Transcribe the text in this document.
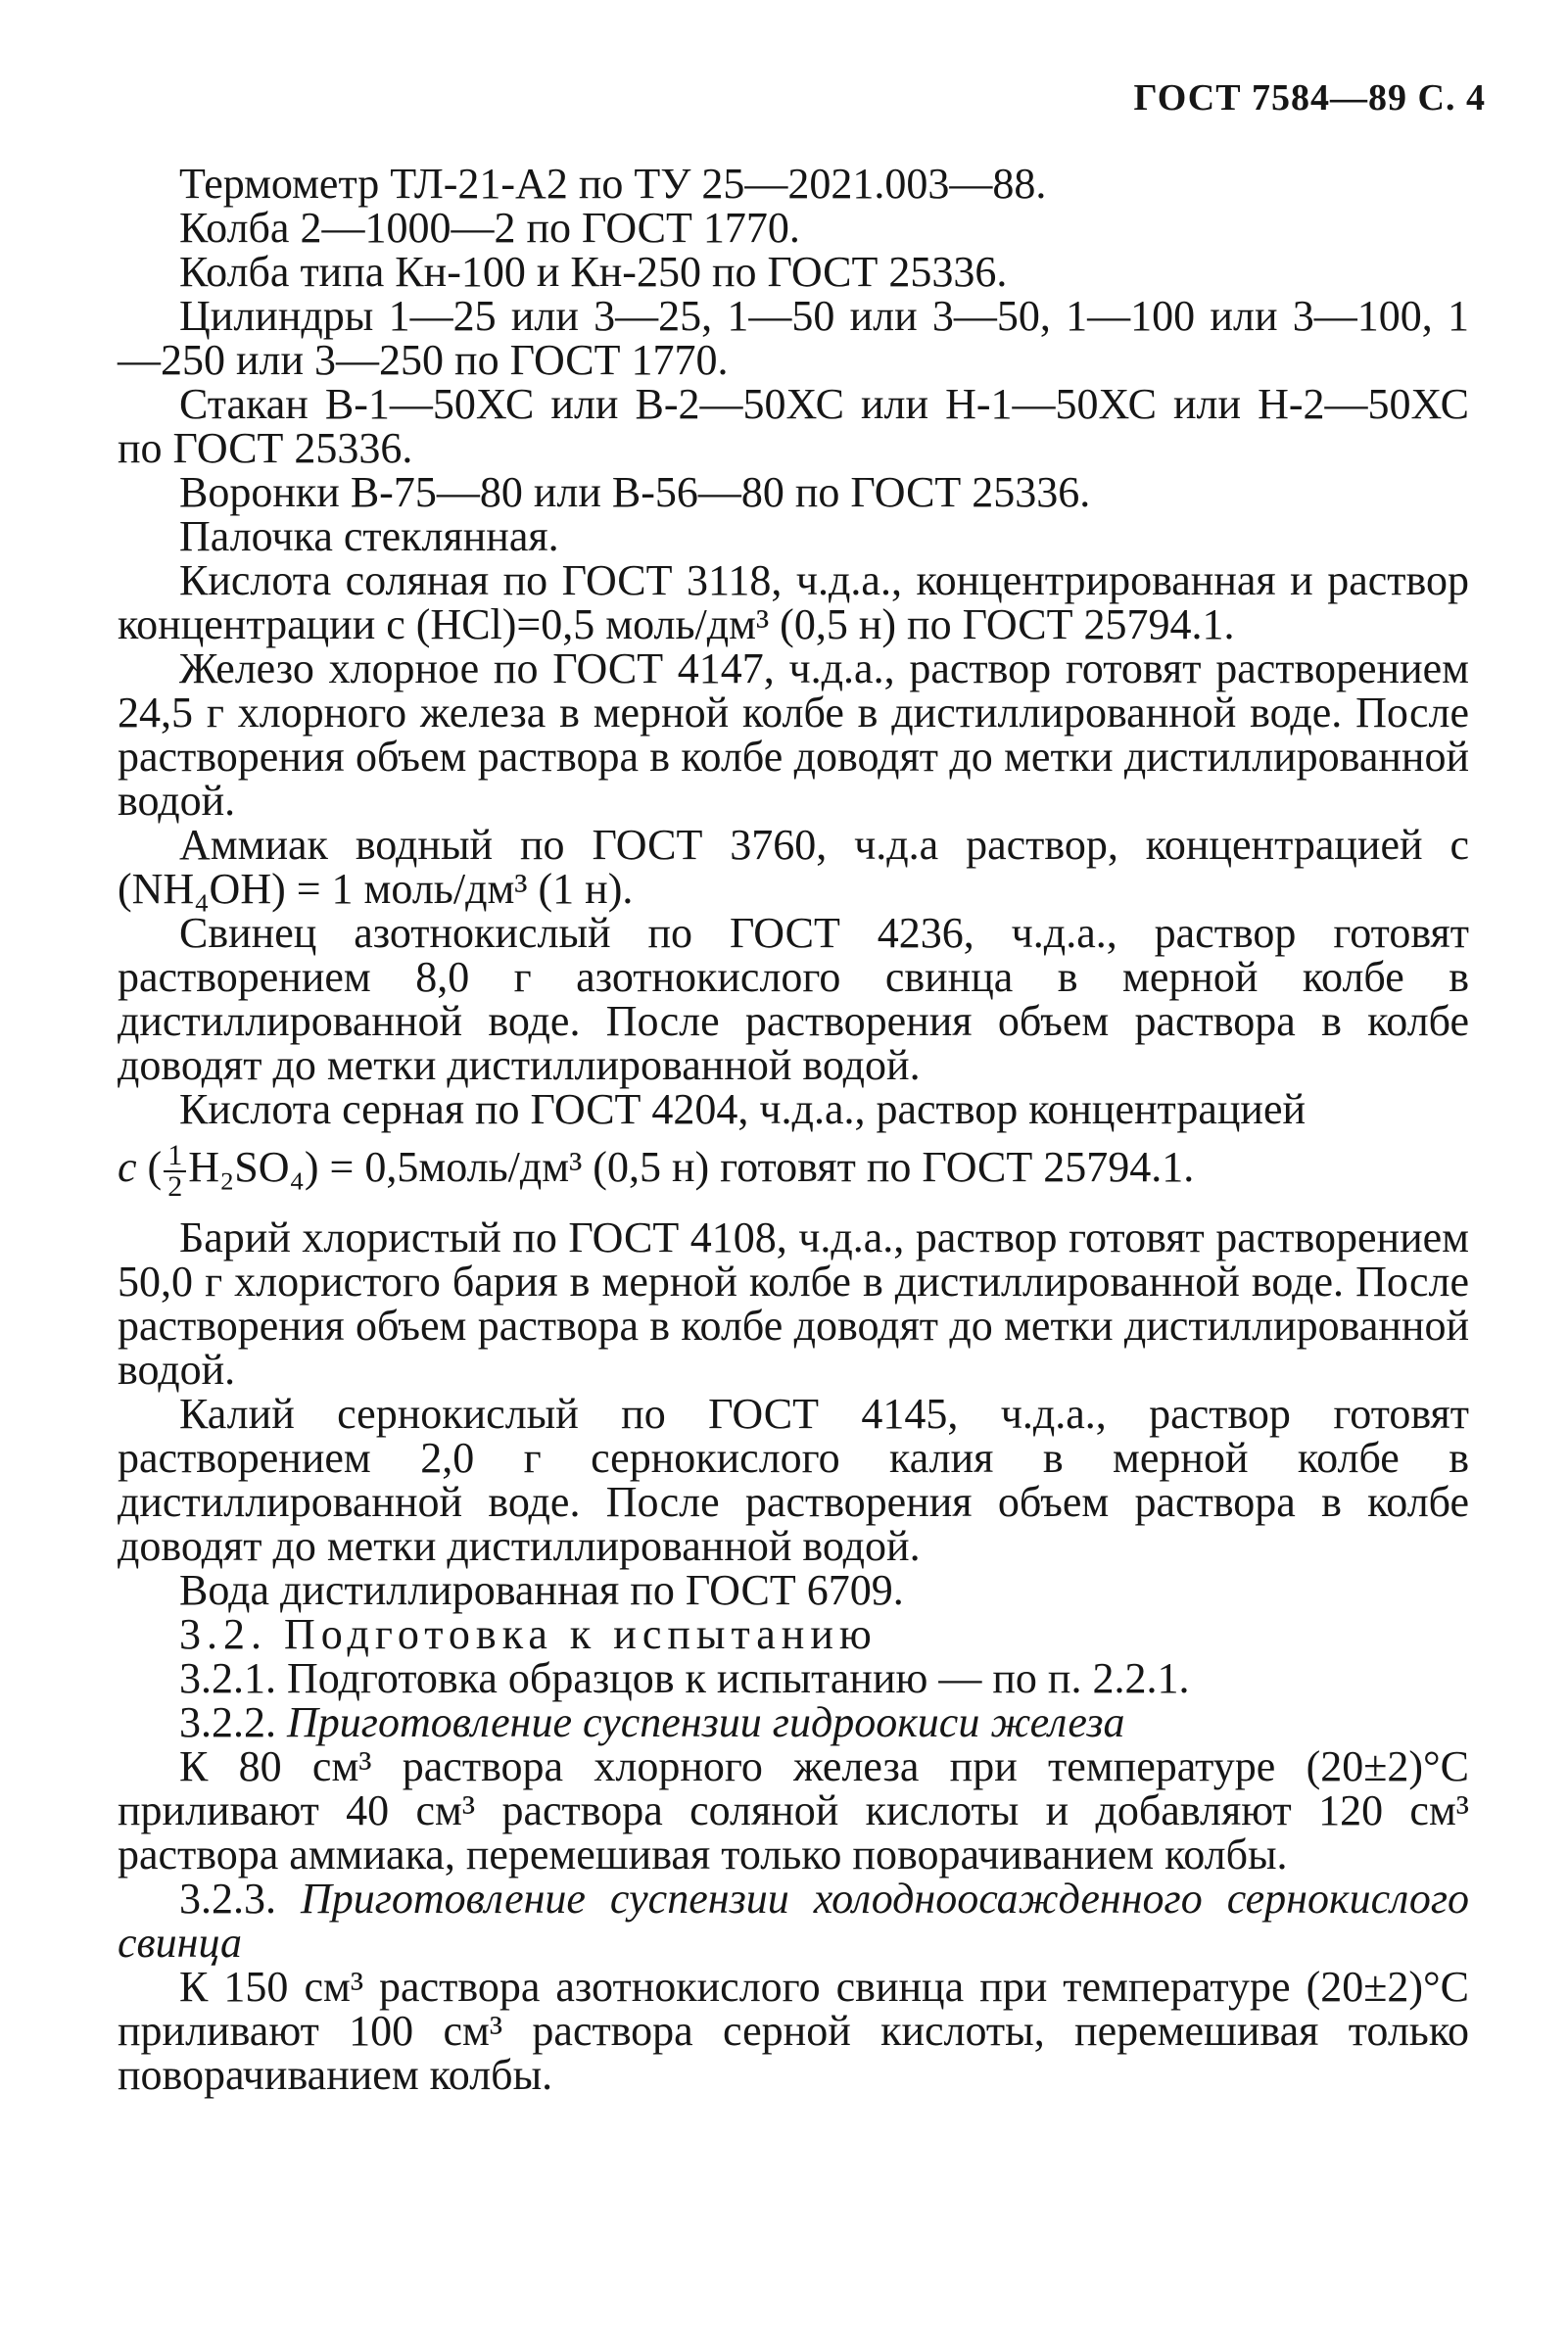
ГОСТ 7584—89 С. 4

Термометр ТЛ-21-А2 по ТУ 25—2021.003—88.

Колба 2—1000—2 по ГОСТ 1770.

Колба типа Кн-100 и Кн-250 по ГОСТ 25336.

Цилиндры 1—25 или 3—25, 1—50 или 3—50, 1—100 или 3—100, 1—250 или 3—250 по ГОСТ 1770.

Стакан В-1—50ХС или В-2—50ХС или Н-1—50ХС или Н-2—50ХС по ГОСТ 25336.

Воронки В-75—80 или В-56—80 по ГОСТ 25336.

Палочка стеклянная.

Кислота соляная по ГОСТ 3118, ч.д.а., концентрированная и раствор концентрации c (HCl)=0,5 моль/дм³ (0,5 н) по ГОСТ 25794.1.

Железо хлорное по ГОСТ 4147, ч.д.а., раствор готовят растворением 24,5 г хлорного железа в мерной колбе в дистиллированной воде. После растворения объем раствора в колбе доводят до метки дистиллированной водой.

Аммиак водный по ГОСТ 3760, ч.д.а раствор, концентрацией c (NH₄OH) = 1 моль/дм³ (1 н).

Свинец азотнокислый по ГОСТ 4236, ч.д.а., раствор готовят растворением 8,0 г азотнокислого свинца в мерной колбе в дистиллированной воде. После растворения объем раствора в колбе доводят до метки дистиллированной водой.

Кислота серная по ГОСТ 4204, ч.д.а., раствор концентрацией

c ( $\frac{1}{2} H_2SO_4$) = 0,5моль/дм³ (0,5 н) готовят по ГОСТ 25794.1.

Барий хлористый по ГОСТ 4108, ч.д.а., раствор готовят растворением 50,0 г хлористого бария в мерной колбе в дистиллированной воде. После растворения объем раствора в колбе доводят до метки дистиллированной водой.

Калий сернокислый по ГОСТ 4145, ч.д.а., раствор готовят растворением 2,0 г сернокислого калия в мерной колбе в дистиллированной воде. После растворения объем раствора в колбе доводят до метки дистиллированной водой.

Вода дистиллированная по ГОСТ 6709.

3.2. Подготовка к испытанию

3.2.1. Подготовка образцов к испытанию — по п. 2.2.1.

3.2.2. Приготовление суспензии гидроокиси железа

К 80 см³ раствора хлорного железа при температуре (20±2)°С приливают 40 см³ раствора соляной кислоты и добавляют 120 см³ раствора аммиака, перемешивая только поворачиванием колбы.

3.2.3. Приготовление суспензии холодноосажденного сернокислого свинца

К 150 см³ раствора азотнокислого свинца при температуре (20±2)°С приливают 100 см³ раствора серной кислоты, перемешивая только поворачиванием колбы.
